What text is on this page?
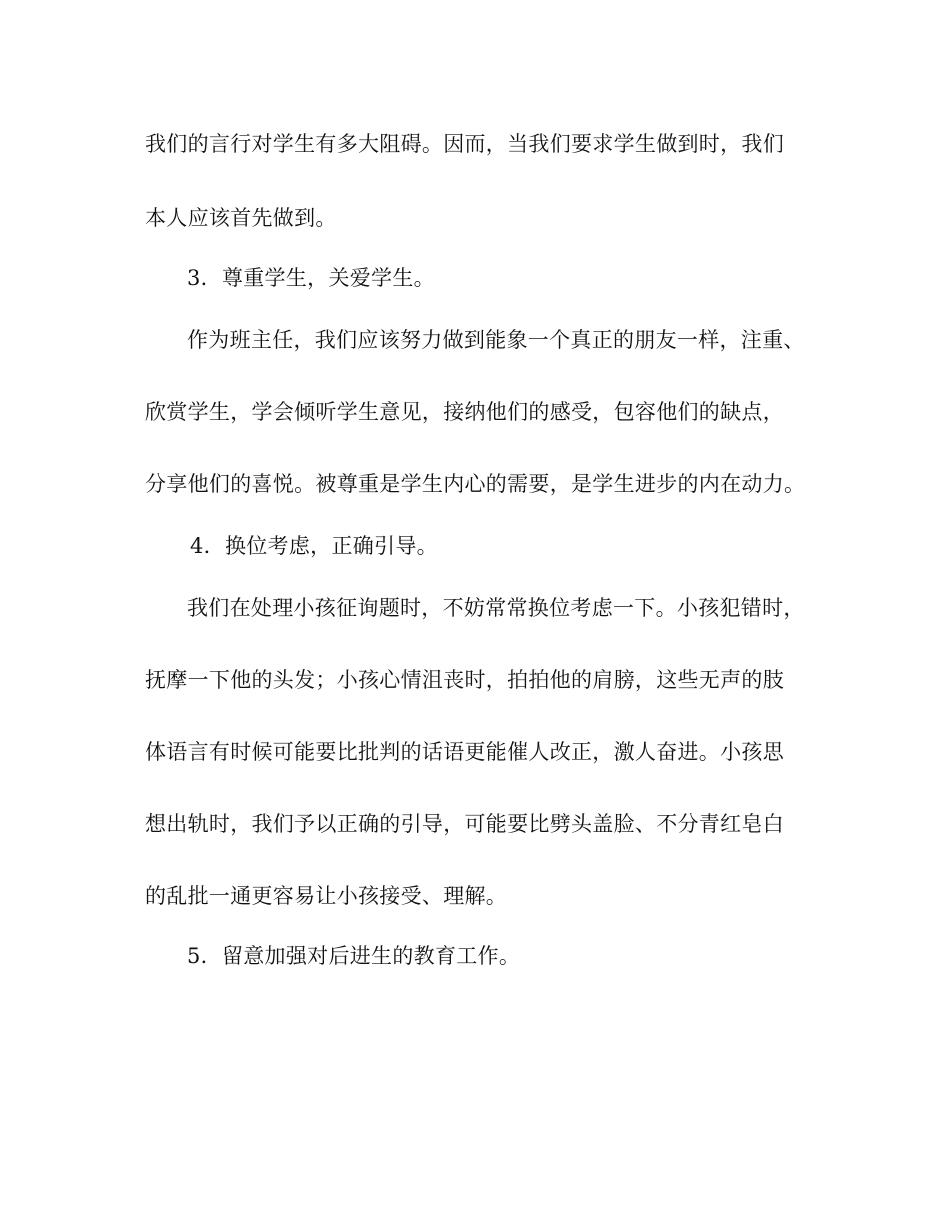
我们的言行对学生有多大阻碍。因而，当我们要求学生做到时，我们
本人应该首先做到。
3．尊重学生，关爱学生。
作为班主任，我们应该努力做到能象一个真正的朋友一样，注重、
欣赏学生，学会倾听学生意见，接纳他们的感受，包容他们的缺点，
分享他们的喜悦。被尊重是学生内心的需要，是学生进步的内在动力。
4．换位考虑，正确引导。
我们在处理小孩征询题时，不妨常常换位考虑一下。小孩犯错时，
抚摩一下他的头发；小孩心情沮丧时，拍拍他的肩膀，这些无声的肢
体语言有时候可能要比批判的话语更能催人改正，激人奋进。小孩思
想出轨时，我们予以正确的引导，可能要比劈头盖脸、不分青红皂白
的乱批一通更容易让小孩接受、理解。
5．留意加强对后进生的教育工作。
